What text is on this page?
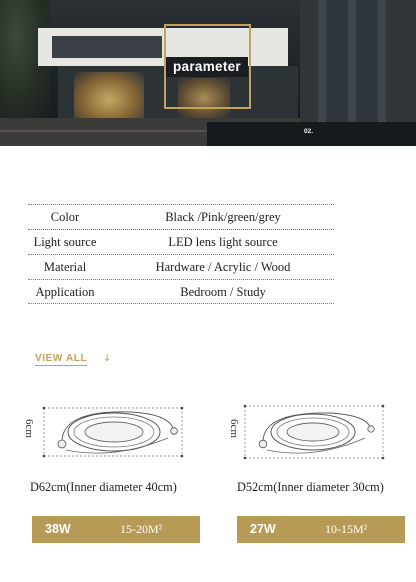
parameter
02.
Color	Black /Pink/green/grey
Light source	LED lens light source
Material	Hardware / Acrylic / Wood
Application	Bedroom / Study
VIEW ALL ↓
6cm
D62cm(Inner diameter 40cm)
38W	15-20M²
6cm
D52cm(Inner diameter 30cm)
27W	10-15M²
